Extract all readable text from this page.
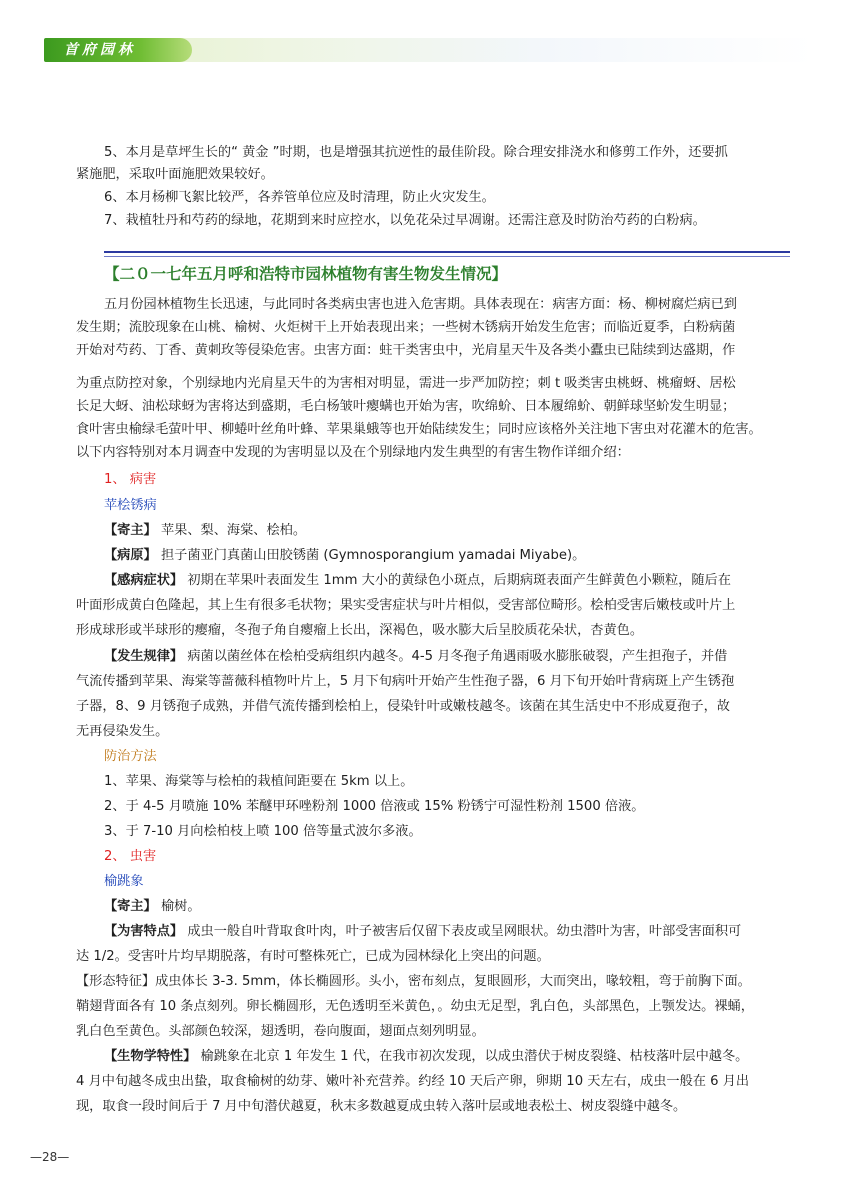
首府园林

5、本月是草坪生长的“ 黄金 ”时期，也是增强其抗逆性的最佳阶段。除合理安排浇水和修剪工作外，还要抓

紧施肥，采取叶面施肥效果较好。

6、本月杨柳飞絮比较严，各养管单位应及时清理，防止火灾发生。

7、栽植牡丹和芍药的绿地，花期到来时应控水，以免花朵过早凋谢。还需注意及时防治芍药的白粉病。

【二０一七年五月呼和浩特市园林植物有害生物发生情况】

五月份园林植物生长迅速，与此同时各类病虫害也进入危害期。具体表现在：病害方面：杨、柳树腐烂病已到

发生期；流胶现象在山桃、榆树、火炬树干上开始表现出来；一些树木锈病开始发生危害；而临近夏季，白粉病菌

开始对芍药、丁香、黄刺玫等侵染危害。虫害方面：蛀干类害虫中，光肩星天牛及各类小蠹虫已陆续到达盛期，作

为重点防控对象，个别绿地内光肩星天牛的为害相对明显，需进一步严加防控；刺 t 吸类害虫桃蚜、桃瘤蚜、居松

长足大蚜、油松球蚜为害将达到盛期，毛白杨皱叶瘿螨也开始为害，吹绵蚧、日本履绵蚧、朝鲜球坚蚧发生明显；

食叶害虫榆绿毛萤叶甲、柳蜷叶丝角叶蜂、苹果巢蛾等也开始陆续发生；同时应该格外关注地下害虫对花灌木的危害。

以下内容特别对本月调查中发现的为害明显以及在个别绿地内发生典型的有害生物作详细介绍：

1、 病害

苹桧锈病

【寄主】 苹果、梨、海棠、桧柏。

【病原】 担子菌亚门真菌山田胶锈菌 (Gymnosporangium yamadai Miyabe)。

【感病症状】 初期在苹果叶表面发生 1mm 大小的黄绿色小斑点，后期病斑表面产生鲜黄色小颗粒，随后在

叶面形成黄白色隆起，其上生有很多毛状物；果实受害症状与叶片相似，受害部位畸形。桧柏受害后嫩枝或叶片上

形成球形或半球形的瘿瘤，冬孢子角自瘿瘤上长出，深褐色，吸水膨大后呈胶质花朵状，杏黄色。

【发生规律】 病菌以菌丝体在桧柏受病组织内越冬。4-5 月冬孢子角遇雨吸水膨胀破裂，产生担孢子，并借

气流传播到苹果、海棠等蔷薇科植物叶片上，5 月下旬病叶开始产生性孢子器，6 月下旬开始叶背病斑上产生锈孢

子器，8、9 月锈孢子成熟，并借气流传播到桧柏上，侵染针叶或嫩枝越冬。该菌在其生活史中不形成夏孢子，故

无再侵染发生。

防治方法

1、苹果、海棠等与桧柏的栽植间距要在 5km 以上。

2、于 4-5 月喷施 10% 苯醚甲环唑粉剂 1000 倍液或 15% 粉锈宁可湿性粉剂 1500 倍液。

3、于 7-10 月向桧柏枝上喷 100 倍等量式波尔多液。

2、 虫害

榆跳象

【寄主】 榆树。

【为害特点】 成虫一般自叶背取食叶肉，叶子被害后仅留下表皮或呈网眼状。幼虫潜叶为害，叶部受害面积可

达 1/2。受害叶片均早期脱落，有时可整株死亡，已成为园林绿化上突出的问题。

【形态特征】成虫体长 3-3. 5mm，体长椭圆形。头小，密布刻点，复眼圆形，大而突出，喙较粗，弯于前胸下面。

鞘翅背面各有 10 条点刻列。卵长椭圆形，无色透明至米黄色，。幼虫无足型，乳白色，头部黑色，上颚发达。裸蛹，

乳白色至黄色。头部颜色较深，翅透明，卷向腹面，翅面点刻列明显。

【生物学特性】 榆跳象在北京 1 年发生 1 代，在我市初次发现，以成虫潜伏于树皮裂缝、枯枝落叶层中越冬。

4 月中旬越冬成虫出蛰，取食榆树的幼芽、嫩叶补充营养。约经 10 天后产卵，卵期 10 天左右，成虫一般在 6 月出

现，取食一段时间后于 7 月中旬潜伏越夏，秋末多数越夏成虫转入落叶层或地表松土、树皮裂缝中越冬。

—28—
